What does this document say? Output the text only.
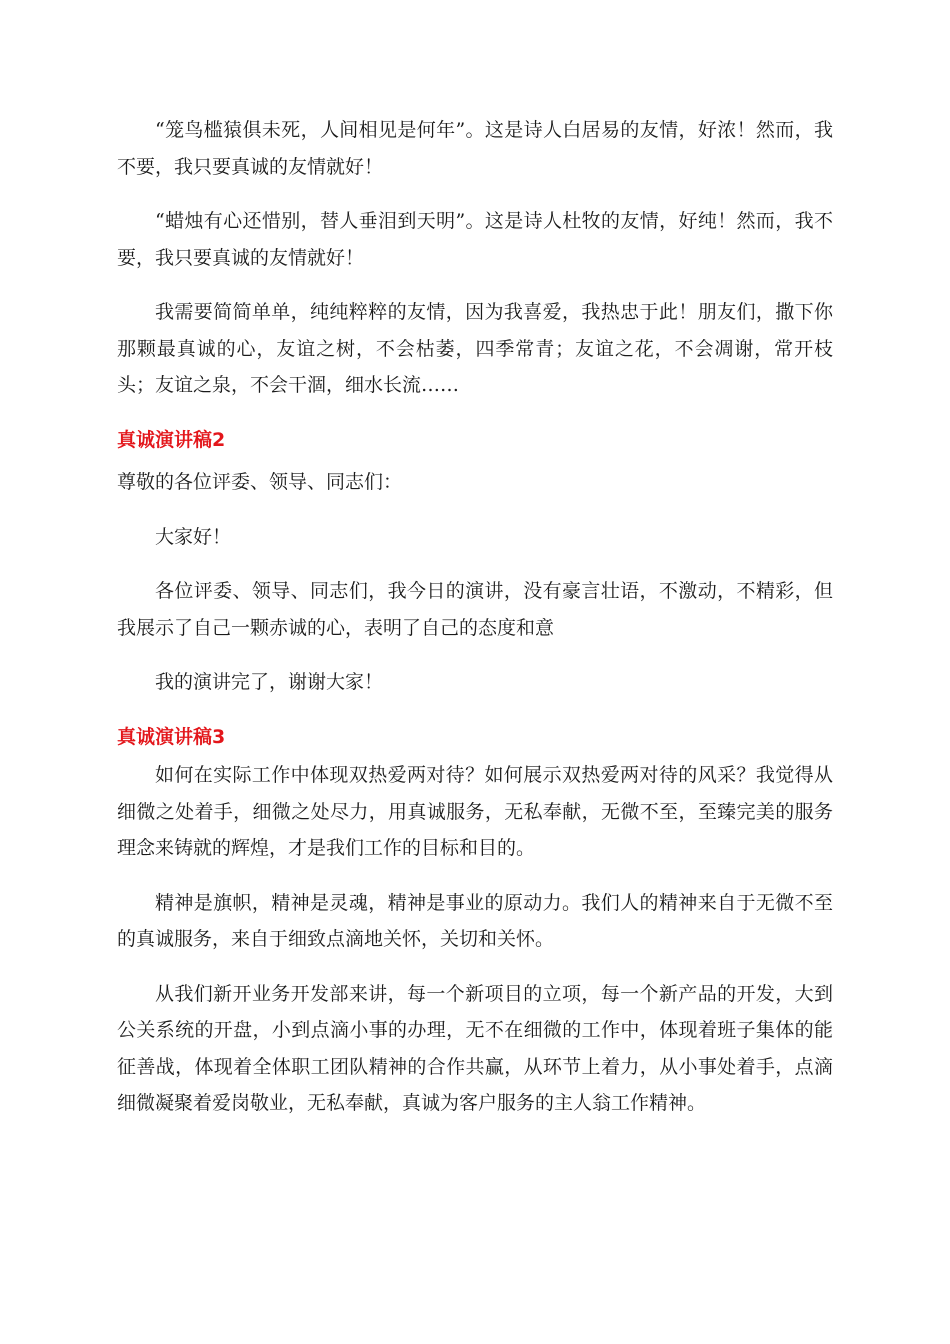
“笼鸟槛猿俱未死，人间相见是何年”。这是诗人白居易的友情，好浓！然而，我不要，我只要真诚的友情就好！

“蜡烛有心还惜别，替人垂泪到天明”。这是诗人杜牧的友情，好纯！然而，我不要，我只要真诚的友情就好！

我需要简简单单，纯纯粹粹的友情，因为我喜爱，我热忠于此！朋友们，撒下你那颗最真诚的心，友谊之树，不会枯萎，四季常青；友谊之花，不会凋谢，常开枝头；友谊之泉，不会干涸，细水长流……

真诚演讲稿2

尊敬的各位评委、领导、同志们：

大家好！

各位评委、领导、同志们，我今日的演讲，没有豪言壮语，不激动，不精彩，但我展示了自己一颗赤诚的心，表明了自己的态度和意

我的演讲完了，谢谢大家！

真诚演讲稿3

如何在实际工作中体现双热爱两对待？如何展示双热爱两对待的风采？我觉得从细微之处着手，细微之处尽力，用真诚服务，无私奉献，无微不至，至臻完美的服务理念来铸就的辉煌，才是我们工作的目标和目的。

精神是旗帜，精神是灵魂，精神是事业的原动力。我们人的精神来自于无微不至的真诚服务，来自于细致点滴地关怀，关切和关怀。

从我们新开业务开发部来讲，每一个新项目的立项，每一个新产品的开发，大到公关系统的开盘，小到点滴小事的办理，无不在细微的工作中，体现着班子集体的能征善战，体现着全体职工团队精神的合作共赢，从环节上着力，从小事处着手，点滴细微凝聚着爱岗敬业，无私奉献，真诚为客户服务的主人翁工作精神。
